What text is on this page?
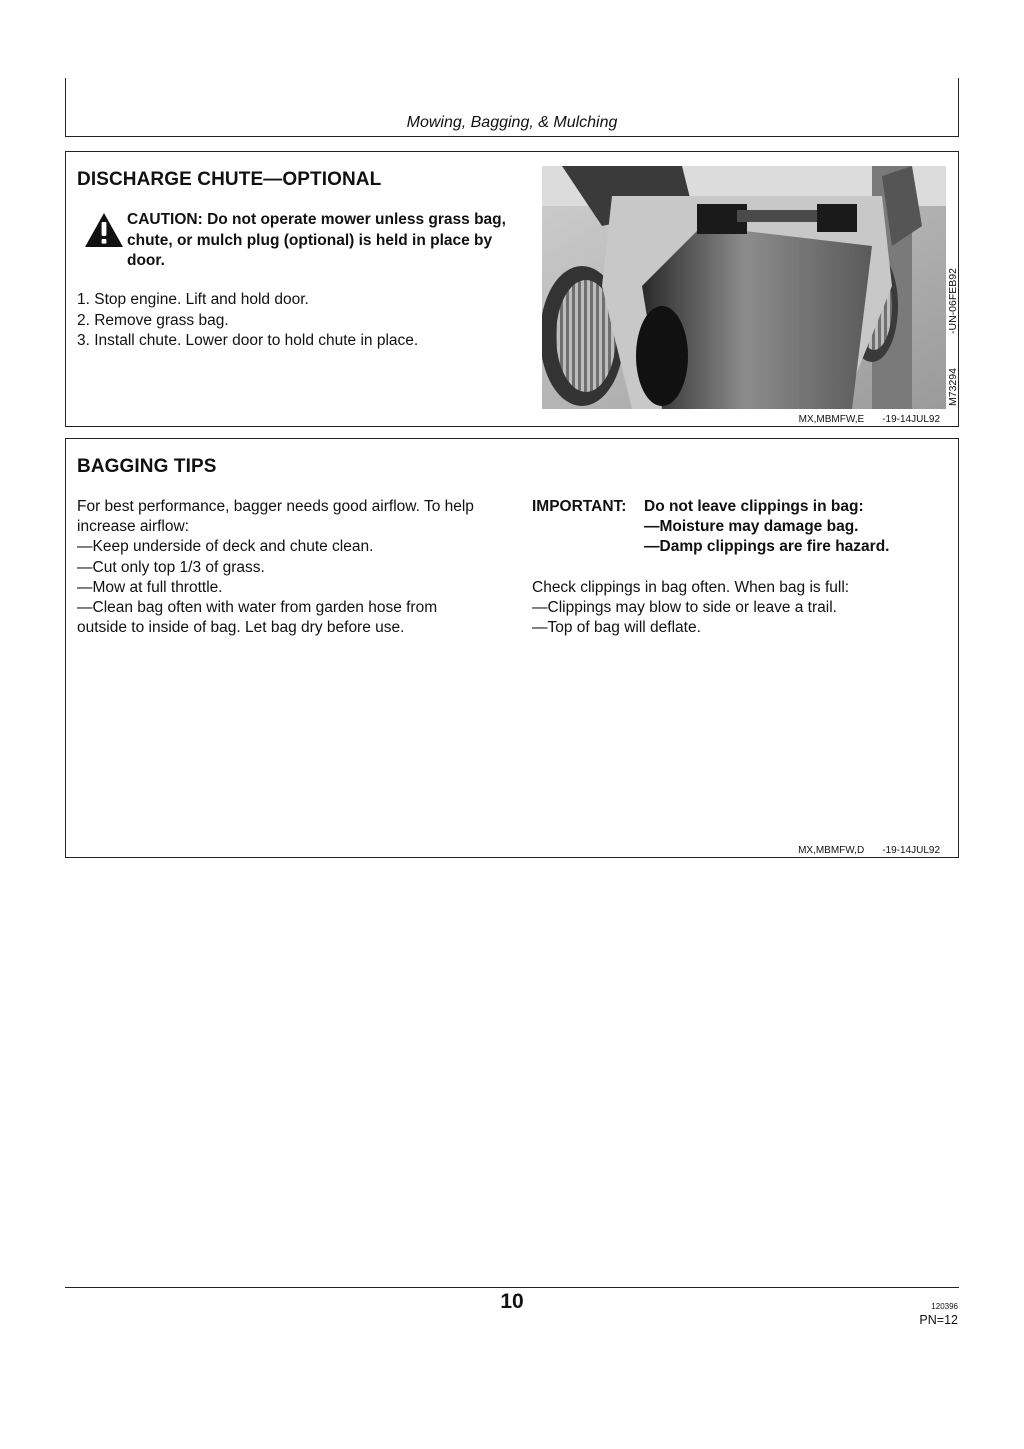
Mowing, Bagging, & Mulching
DISCHARGE CHUTE—OPTIONAL
CAUTION: Do not operate mower unless grass bag, chute, or mulch plug (optional) is held in place by door.
1. Stop engine. Lift and hold door.
2. Remove grass bag.
3. Install chute. Lower door to hold chute in place.
M73294
-UN-06FEB92
MX,MBMFW,E -19-14JUL92
BAGGING TIPS

For best performance, bagger needs good airflow. To help increase airflow:

—Keep underside of deck and chute clean.

—Cut only top 1/3 of grass.

—Mow at full throttle.

—Clean bag often with water from garden hose from outside to inside of bag. Let bag dry before use.

IMPORTANT:	Do not leave clippings in bag:
—Moisture may damage bag.
—Damp clippings are fire hazard.

Check clippings in bag often. When bag is full:

—Clippings may blow to side or leave a trail.

—Top of bag will deflate.

MX,MBMFW,D -19-14JUL92
10	120396
PN=12
